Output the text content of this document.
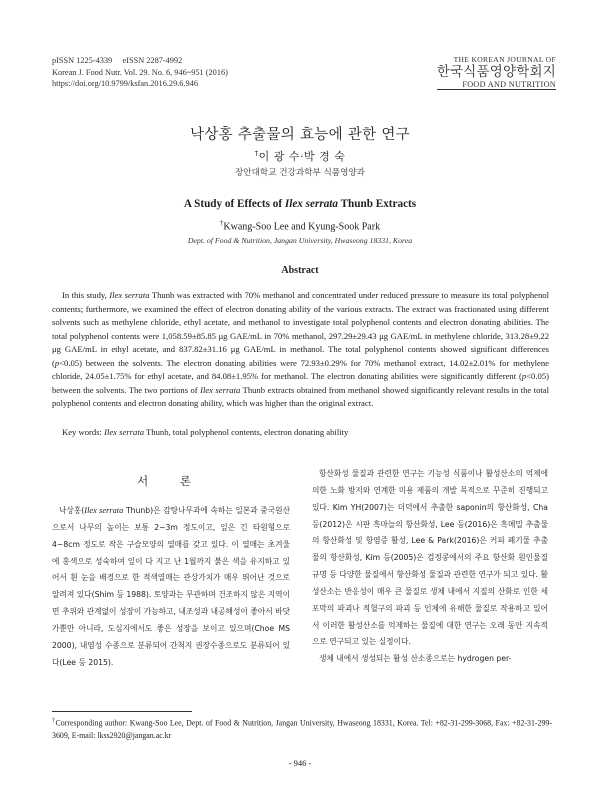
pISSN 1225-4339     eISSN 2287-4992
Korean J. Food Nutr. Vol. 29. No. 6, 946~951 (2016)
https://doi.org/10.9799/ksfan.2016.29.6.946
THE KOREAN JOURNAL OF
한국식품영양학회지
FOOD AND NUTRITION
낙상홍 추출물의 효능에 관한 연구
†이 광 수·박 경 숙
장안대학교 건강과학부 식품영양과
A Study of Effects of Ilex serrata Thunb Extracts
†Kwang-Soo Lee and Kyung-Sook Park
Dept. of Food & Nutrition, Jangan University, Hwaseong 18331, Korea
Abstract

In this study, Ilex serrata Thunb was extracted with 70% methanol and concentrated under reduced pressure to measure its total polyphenol contents; furthermore, we examined the effect of electron donating ability of the various extracts. The extract was fractionated using different solvents such as methylene chloride, ethyl acetate, and methanol to investigate total polyphenol contents and electron donating abilities. The total polyphenol contents were 1,058.59±85.85 μg GAE/mL in 70% methanol, 297.29±29.43 μg GAE/mL in methylene chloride, 313.28±9.22 μg GAE/mL in ethyl acetate, and 837.82±31.16 μg GAE/mL in methanol. The total polyphenol contents showed significant differences (p<0.05) between the solvents. The electron donating abilities were 72.93±0.29% for 70% methanol extract, 14.02±2.01% for methylene chloride, 24.05±1.75% for ethyl acetate, and 84.08±1.95% for methanol. The electron donating abilities were significantly different (p<0.05) between the solvents. The two portions of Ilex serrata Thunb extracts obtained from methanol showed significantly relevant results in the total polyphenol contents and electron donating ability, which was higher than the original extract.

Key words: Ilex serrata Thunb, total polyphenol contents, electron donating ability
서 론

낙상홍(Ilex serrata Thunb)은 감탕나무과에 속하는 일본과 중국원산으로서 나무의 높이는 보통 2~3m 정도이고, 잎은 긴 타원형으로 4~8cm 정도로 작은 구슬모양의 열매를 갖고 있다. 이 열매는 초겨울에 홍색으로 성숙하여 잎이 다 지고 난 1월까지 붉은 색을 유지하고 있어서 흰 눈을 배경으로 한 적색열매는 관상가치가 매우 뛰어난 것으로 알려져 있다(Shim 등 1988). 토양과는 무관하며 건조하지 않은 지역이면 추위와 관계없이 성장이 가능하고, 내조성과 내공해성이 좋아서 바닷가뿐만 아니라, 도심지에서도 좋은 성장을 보이고 있으며(Choe MS 2000), 내염성 수종으로 분류되어 간척지 권장수종으로도 분류되어 있다(Lee 등 2015).

항산화성 물질과 관련한 연구는 기능성 식품이나 활성산소의 억제에 의한 노화 방지와 연계한 미용 제품의 개발 목적으로 꾸준히 진행되고 있다. Kim YH(2007)는 더덕에서 추출한 saponin의 항산화성, Cha 등(2012)은 시판 흑마늘의 항산화성, Lee 등(2016)은 흑메밀 추출물의 항산화성 및 항염증 활성, Lee & Park(2016)은 커피 폐기물 추출물의 항산화성, Kim 등(2005)은 검정콩에서의 주요 항산화 원인물질 규명 등 다양한 물질에서 항산화성 물질과 관련한 연구가 되고 있다. 활성산소는 반응성이 매우 큰 물질로 생체 내에서 지질의 산화로 인한 세포막의 파괴나 적혈구의 파괴 등 인체에 유해한 물질로 작용하고 있어서 이러한 활성산소를 억제하는 물질에 대한 연구는 오래 동안 지속적으로 연구되고 있는 실정이다.

생체 내에서 생성되는 활성 산소종으로는 hydrogen per-

†Corresponding author: Kwang-Soo Lee, Dept. of Food & Nutrition, Jangan University, Hwaseong 18331, Korea. Tel: +82-31-299-3068, Fax: +82-31-299-3609, E-mail: lkss2920@jangan.ac.kr
- 946 -
